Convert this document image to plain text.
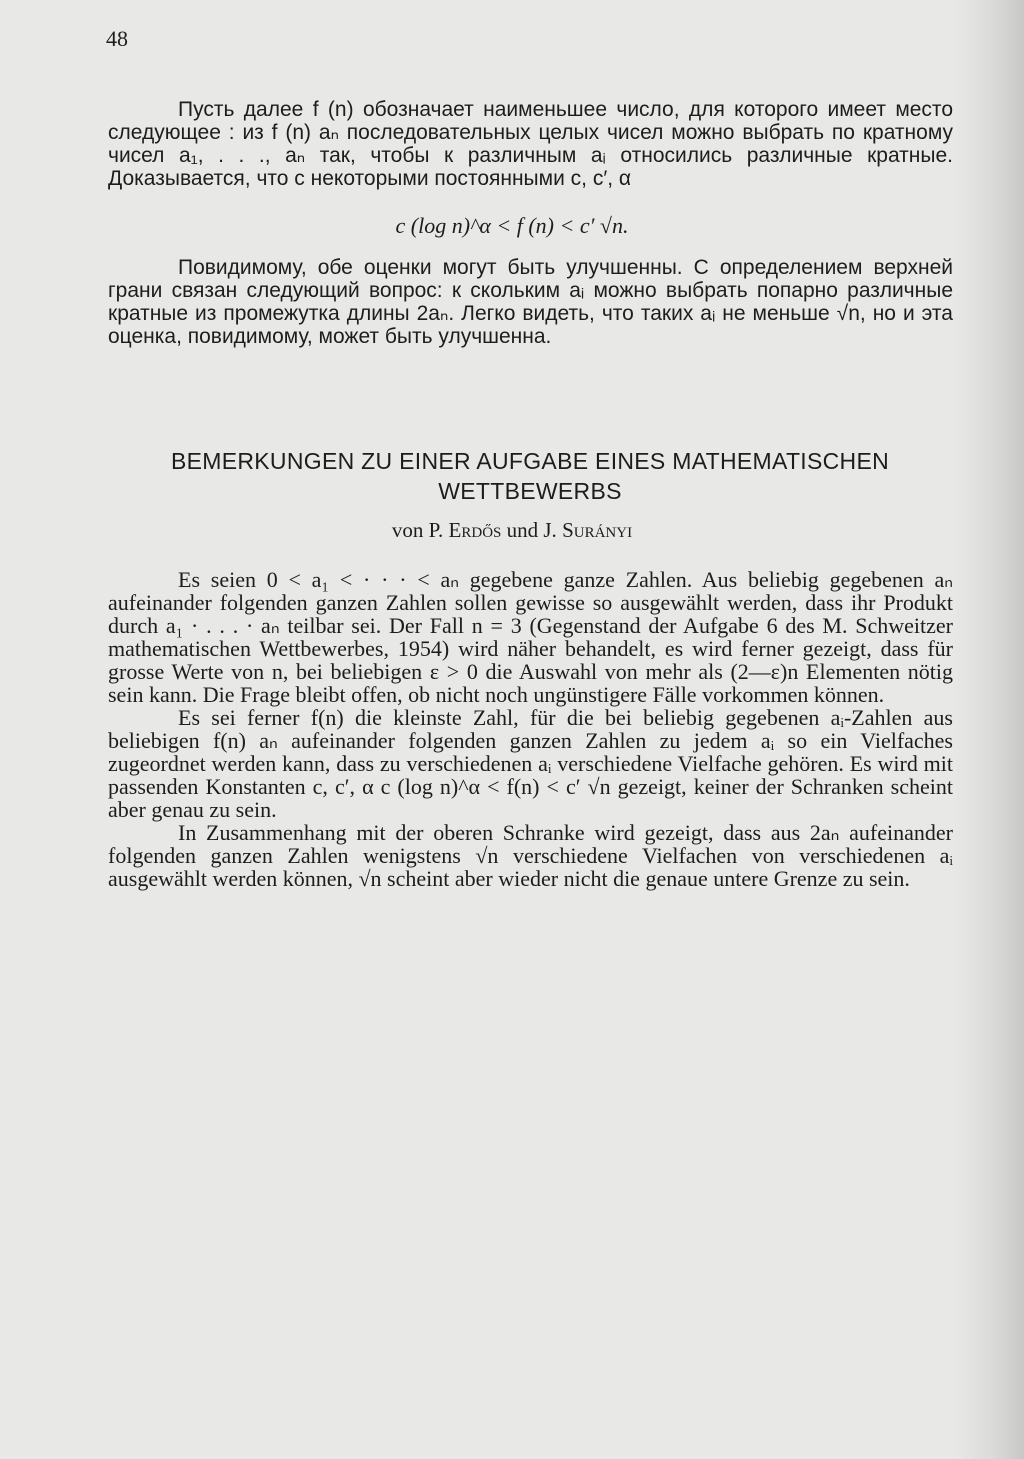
48

Пусть далее f (n) обозначает наименьшее число, для которого имеет место следующее : из f (n) aₙ последовательных целых чисел можно выбрать по кратному чисел a₁, . . ., aₙ так, чтобы к различным aᵢ относились различные кратные. Доказывается, что с некоторыми постоянными c, c′, α

c (log n)^α < f (n) < c′ √n.

Повидимому, обе оценки могут быть улучшенны. С определением верхней грани связан следующий вопрос: к скольким aᵢ можно выбрать попарно различные кратные из промежутка длины 2aₙ. Легко видеть, что таких aᵢ не меньше √n, но и эта оценка, повидимому, может быть улучшенна.

BEMERKUNGEN ZU EINER AUFGABE EINES MATHEMATISCHEN WETTBEWERBS
von P. Erdős und J. Surányi

Es seien 0 < a₁ < · · · < aₙ gegebene ganze Zahlen. Aus beliebig gegebenen aₙ aufeinander folgenden ganzen Zahlen sollen gewisse so ausgewählt werden, dass ihr Produkt durch a₁ · . . . · aₙ teilbar sei. Der Fall n = 3 (Gegenstand der Aufgabe 6 des M. Schweitzer mathematischen Wettbewerbes, 1954) wird näher behandelt, es wird ferner gezeigt, dass für grosse Werte von n, bei beliebigen ε > 0 die Auswahl von mehr als (2—ε)n Elementen nötig sein kann. Die Frage bleibt offen, ob nicht noch ungünstigere Fälle vorkommen können.

Es sei ferner f(n) die kleinste Zahl, für die bei beliebig gegebenen aᵢ-Zahlen aus beliebigen f(n) aₙ aufeinander folgenden ganzen Zahlen zu jedem aᵢ so ein Vielfaches zugeordnet werden kann, dass zu verschiedenen aᵢ verschiedene Vielfache gehören. Es wird mit passenden Konstanten c, c′, α c (log n)^α < f(n) < c′ √n gezeigt, keiner der Schranken scheint aber genau zu sein.

In Zusammenhang mit der oberen Schranke wird gezeigt, dass aus 2aₙ aufeinander folgenden ganzen Zahlen wenigstens √n verschiedene Vielfachen von verschiedenen aᵢ ausgewählt werden können, √n scheint aber wieder nicht die genaue untere Grenze zu sein.
